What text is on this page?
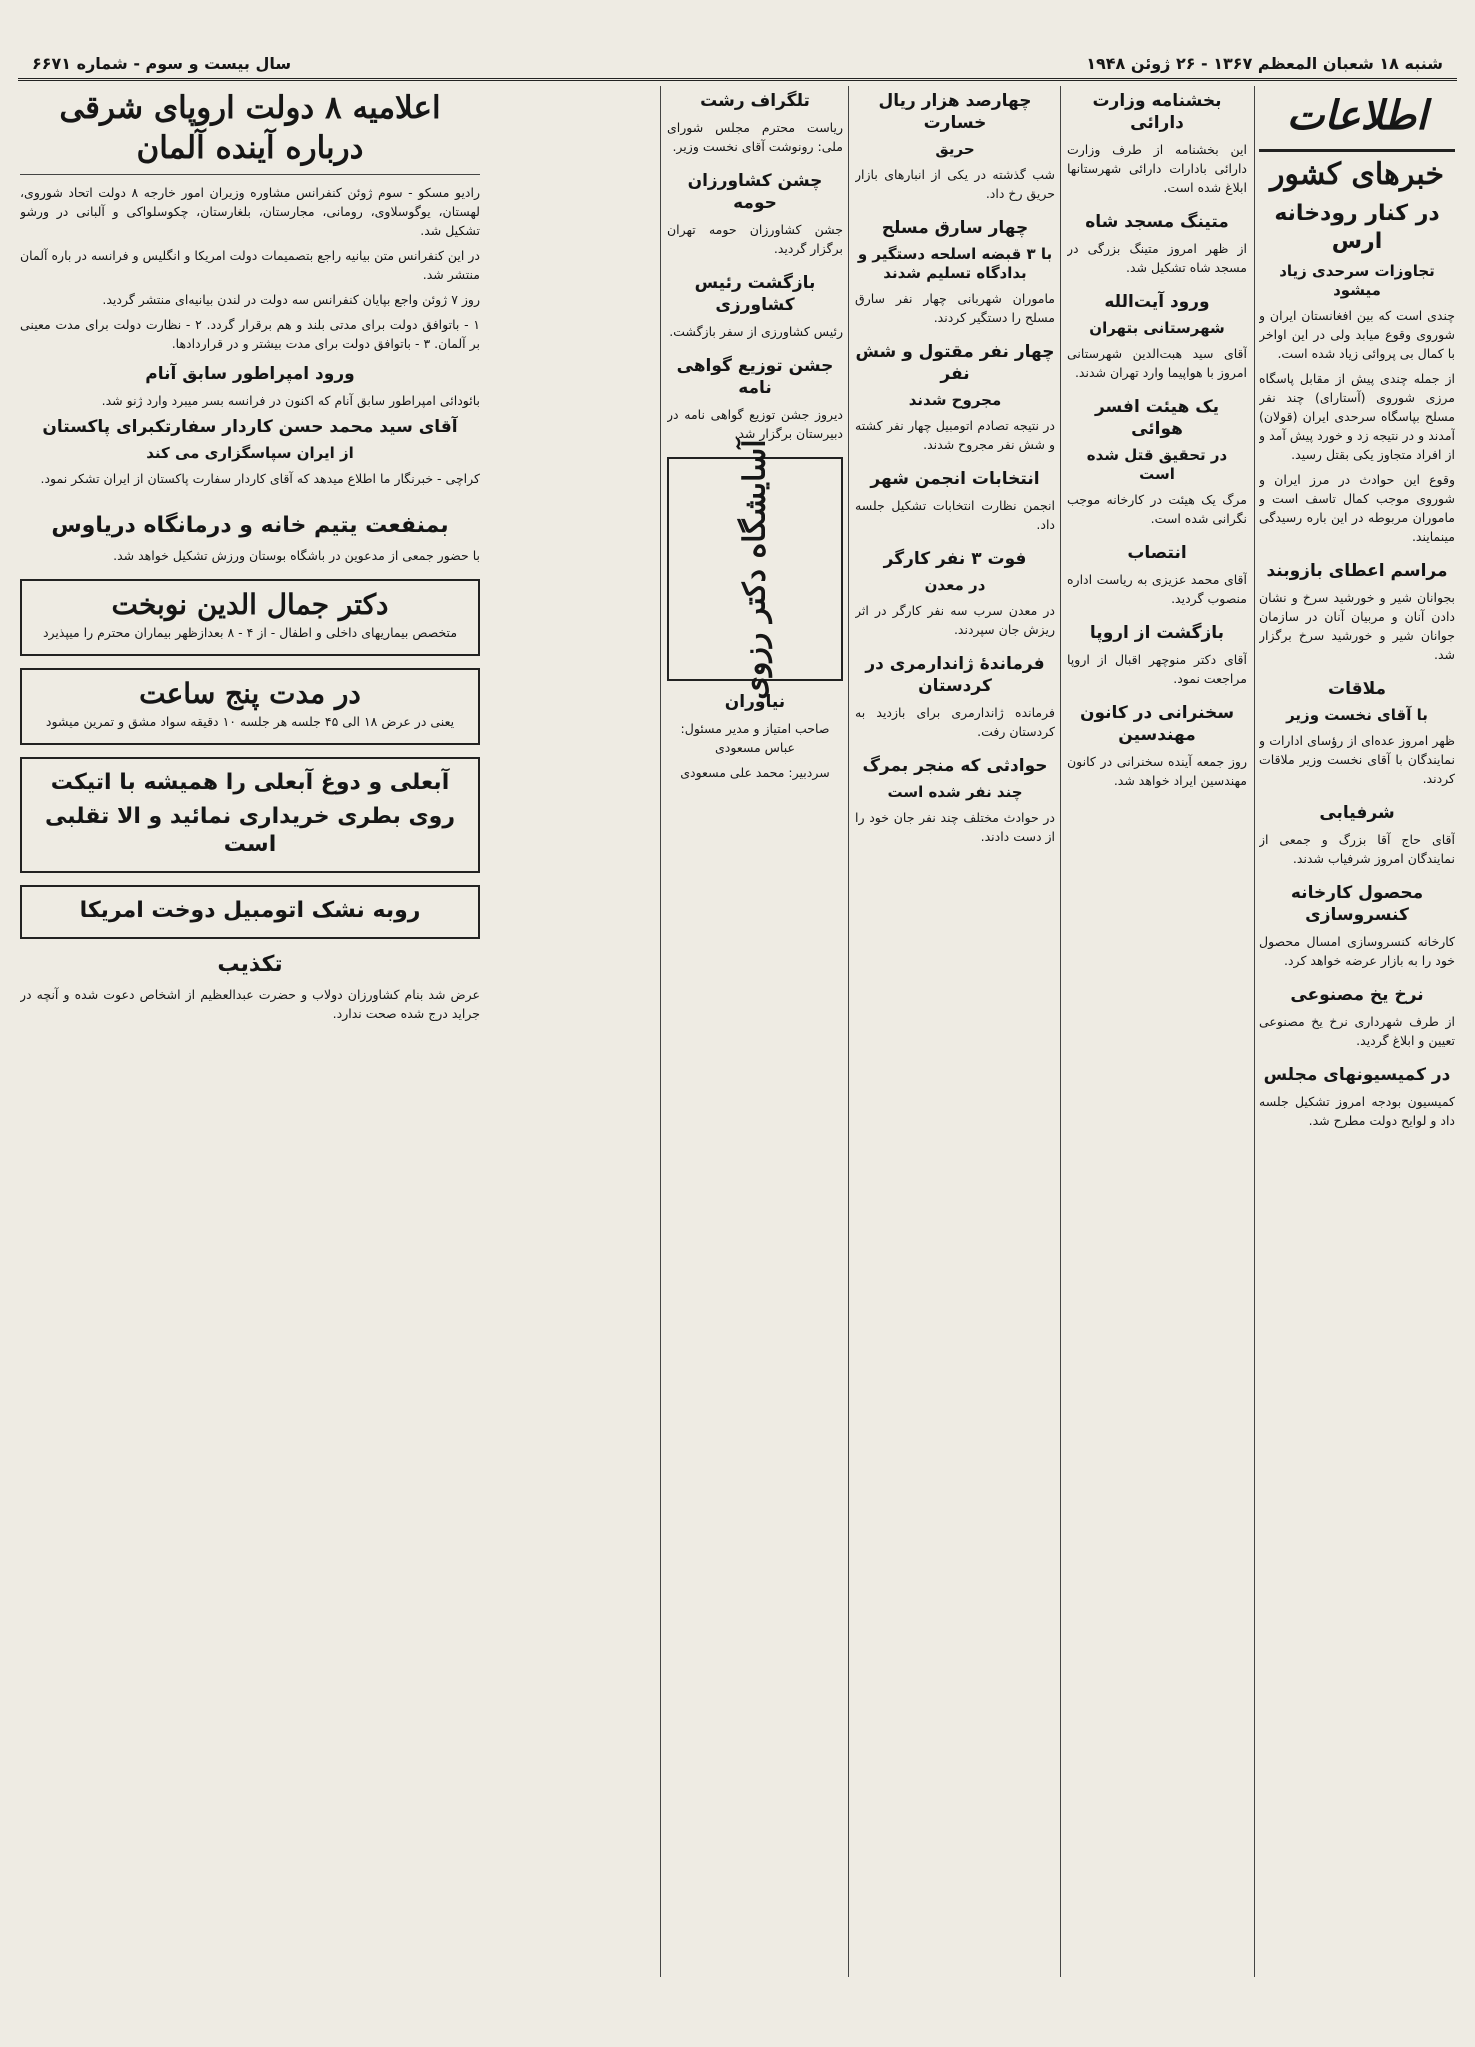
شنبه ۱۸ شعبان المعظم ۱۳۶۷ - ۲۶ ژوئن ۱۹۴۸
سال بیست و سوم - شماره ۶۶۷۱
اطلاعات
خبرهای کشور
در کنار رودخانه ارس
تجاوزات سرحدی زیاد میشود

چندی است که بین افغانستان ایران و شوروی وقوع میابد ولی در این اواخر با کمال بی پروائی زیاد شده است.

از جمله چندی پیش از مقابل پاسگاه مرزی شوروی (آستارای) چند نفر مسلح بپاسگاه سرحدی ایران (قولان) آمدند و در نتیجه زد و خورد پیش آمد و از افراد متجاوز یکی بقتل رسید.

وقوع این حوادث در مرز ایران و شوروی موجب کمال تاسف است و ماموران مربوطه در این باره رسیدگی مینمایند.

مراسم اعطای بازوبند

بجوانان شیر و خورشید سرخ و نشان دادن آنان و مربیان آنان در سازمان جوانان شیر و خورشید سرخ برگزار شد.

ملاقات
با آقای نخست وزیر

ظهر امروز عده‌ای از رؤسای ادارات و نمایندگان با آقای نخست وزیر ملاقات کردند.

شرفیابی

آقای حاج آقا بزرگ و جمعی از نمایندگان امروز شرفیاب شدند.

محصول کارخانه کنسروسازی

کارخانه کنسروسازی امسال محصول خود را به بازار عرضه خواهد کرد.

نرخ یخ مصنوعی

از طرف شهرداری نرخ یخ مصنوعی تعیین و ابلاغ گردید.

در کمیسیونهای مجلس

کمیسیون بودجه امروز تشکیل جلسه داد و لوایح دولت مطرح شد.

بخشنامه وزارت دارائی

این بخشنامه از طرف وزارت دارائی بادارات دارائی شهرستانها ابلاغ شده است.

متینگ مسجد شاه

از ظهر امروز متینگ بزرگی در مسجد شاه تشکیل شد.

ورود آیت‌الله
شهرستانی بتهران

آقای سید هبت‌الدین شهرستانی امروز با هواپیما وارد تهران شدند.

یک هیئت افسر هوائی
در تحقیق قتل شده است

مرگ یک هیئت در کارخانه موجب نگرانی شده است.

انتصاب

آقای محمد عزیزی به ریاست اداره منصوب گردید.

بازگشت از اروپا

آقای دکتر منوچهر اقبال از اروپا مراجعت نمود.

سخنرانی در کانون مهندسین

روز جمعه آینده سخنرانی در کانون مهندسین ایراد خواهد شد.

چهارصد هزار ریال خسارت
حریق

شب گذشته در یکی از انبارهای بازار حریق رخ داد.

چهار سارق مسلح
با ۳ قبضه اسلحه دستگیر و بدادگاه تسلیم شدند

ماموران شهربانی چهار نفر سارق مسلح را دستگیر کردند.

چهار نفر مقتول و شش نفر
مجروح شدند

در نتیجه تصادم اتومبیل چهار نفر کشته و شش نفر مجروح شدند.

انتخابات انجمن شهر

انجمن نظارت انتخابات تشکیل جلسه داد.

فوت ۳ نفر کارگر
در معدن

در معدن سرب سه نفر کارگر در اثر ریزش جان سپردند.

فرماندهٔ ژاندارمری در کردستان

فرمانده ژاندارمری برای بازدید به کردستان رفت.

حوادثی که منجر بمرگ
چند نفر شده است

در حوادث مختلف چند نفر جان خود را از دست دادند.

تلگراف رشت

ریاست محترم مجلس شورای ملی: رونوشت آقای نخست وزیر.

چشن کشاورزان حومه

جشن کشاورزان حومه تهران برگزار گردید.

بازگشت رئیس کشاورزی

رئیس کشاورزی از سفر بازگشت.

جشن توزیع گواهی نامه

دیروز جشن توزیع گواهی نامه در دبیرستان برگزار شد.

آسایشگاه دکتر رزوی
نیاوران
صاحب امتیاز و مدیر مسئول: عباس مسعودی
سردبیر: محمد علی مسعودی
اعلامیه ۸ دولت اروپای شرقی درباره آینده آلمان

رادیو مسکو - سوم ژوئن کنفرانس مشاوره وزیران امور خارجه ۸ دولت اتحاد شوروی، لهستان، یوگوسلاوی، رومانی، مجارستان، بلغارستان، چکوسلواکی و آلبانی در ورشو تشکیل شد.

در این کنفرانس متن بیانیه راجع بتصمیمات دولت امریکا و انگلیس و فرانسه در باره آلمان منتشر شد.

روز ۷ ژوئن واجع بپایان کنفرانس سه دولت در لندن بیانیه‌ای منتشر گردید.

۱ - باتوافق دولت برای مدتی بلند و هم برقرار گردد. ۲ - نظارت دولت برای مدت معینی بر آلمان. ۳ - باتوافق دولت برای مدت بیشتر و در قراردادها.

ورود امپراطور سابق آنام

بائودائی امپراطور سابق آنام که اکنون در فرانسه بسر میبرد وارد ژنو شد.

آقای سید محمد حسن کاردار سفارتکبرای پاکستان
از ایران سپاسگزاری می کند

کراچی - خبرنگار ما اطلاع میدهد که آقای کاردار سفارت پاکستان از ایران تشکر نمود.

بمنفعت یتیم خانه و درمانگاه دریاوس

با حضور جمعی از مدعوین در باشگاه بوستان ورزش تشکیل خواهد شد.

دکتر جمال الدین نوبخت

متخصص بیماریهای داخلی و اطفال - از ۴ - ۸ بعدازظهر بیماران محترم را میپذیرد

در مدت پنج ساعت

یعنی در عرض ۱۸ الی ۴۵ جلسه هر جلسه ۱۰ دقیقه سواد مشق و تمرین میشود

آبعلی و دوغ آبعلی را همیشه با اتیکت
روی بطری خریداری نمائید و الا تقلبی است
روبه نشک اتومبیل دوخت امریکا
تکذیب

عرض شد بنام کشاورزان دولاب و حضرت عبدالعظیم از اشخاص دعوت شده و آنچه در جراید درج شده صحت ندارد.
